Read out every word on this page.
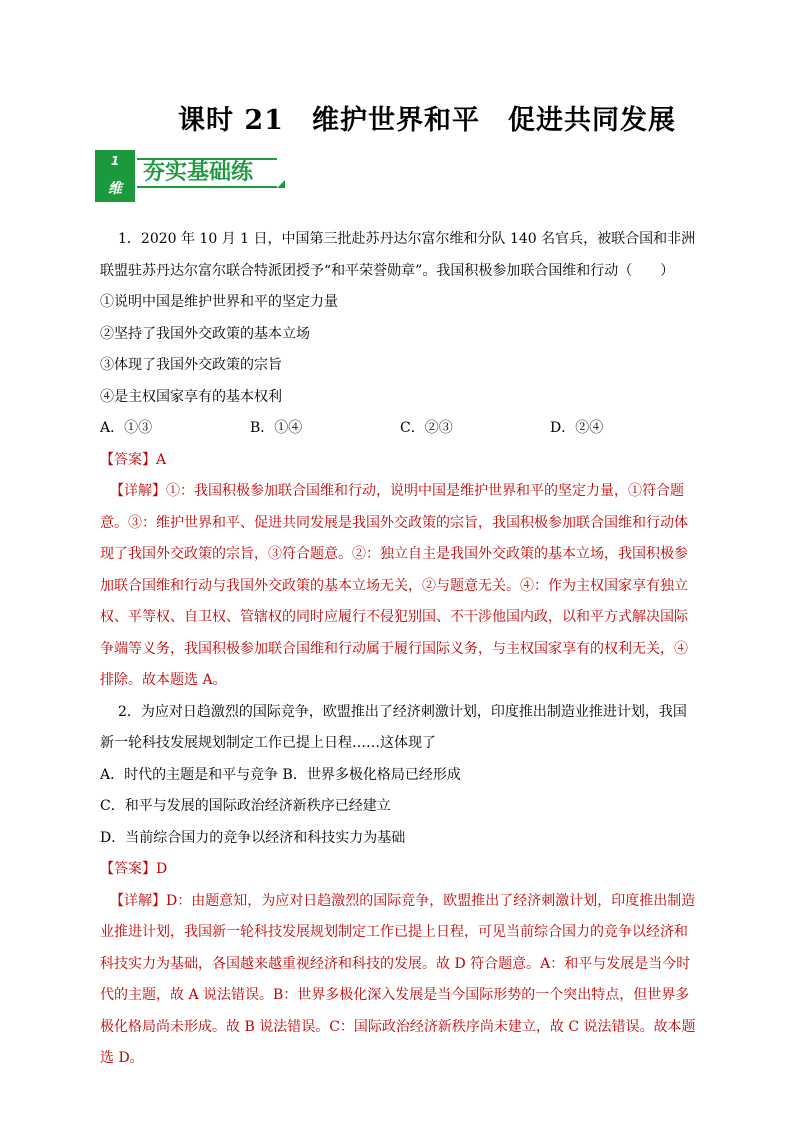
课时 21　维护世界和平　促进共同发展
1
维
夯实基础练

1．2020 年 10 月 1 日，中国第三批赴苏丹达尔富尔维和分队 140 名官兵，被联合国和非洲联盟驻苏丹达尔富尔联合特派团授予“和平荣誉勋章”。我国积极参加联合国维和行动（　　）

①说明中国是维护世界和平的坚定力量

②坚持了我国外交政策的基本立场

③体现了我国外交政策的宗旨

④是主权国家享有的基本权利

A．①③	B．①④	C．②③	D．②④

【答案】A

【详解】①：我国积极参加联合国维和行动，说明中国是维护世界和平的坚定力量，①符合题意。③：维护世界和平、促进共同发展是我国外交政策的宗旨，我国积极参加联合国维和行动体现了我国外交政策的宗旨，③符合题意。②：独立自主是我国外交政策的基本立场，我国积极参加联合国维和行动与我国外交政策的基本立场无关，②与题意无关。④：作为主权国家享有独立权、平等权、自卫权、管辖权的同时应履行不侵犯别国、不干涉他国内政，以和平方式解决国际争端等义务，我国积极参加联合国维和行动属于履行国际义务，与主权国家享有的权利无关，④排除。故本题选 A。

2．为应对日趋激烈的国际竞争，欧盟推出了经济刺激计划，印度推出制造业推进计划，我国新一轮科技发展规划制定工作已提上日程……这体现了

A．时代的主题是和平与竞争 B．世界多极化格局已经形成

C．和平与发展的国际政治经济新秩序已经建立

D．当前综合国力的竞争以经济和科技实力为基础

【答案】D

【详解】D：由题意知，为应对日趋激烈的国际竞争，欧盟推出了经济刺激计划，印度推出制造业推进计划，我国新一轮科技发展规划制定工作已提上日程，可见当前综合国力的竞争以经济和科技实力为基础，各国越来越重视经济和科技的发展。故 D 符合题意。A：和平与发展是当今时代的主题，故 A 说法错误。B：世界多极化深入发展是当今国际形势的一个突出特点，但世界多极化格局尚未形成。故 B 说法错误。C：国际政治经济新秩序尚未建立，故 C 说法错误。故本题选 D。
